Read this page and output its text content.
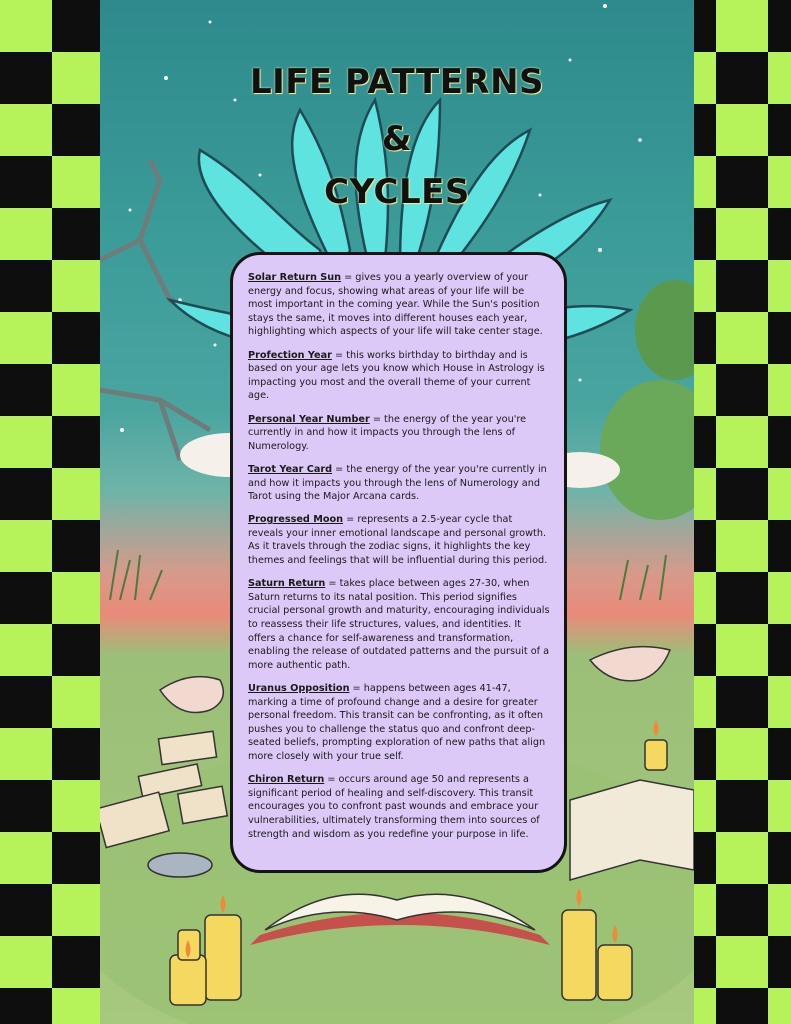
LIFE PATTERNS
&
CYCLES

Solar Return Sun = gives you a yearly overview of your energy and focus, showing what areas of your life will be most important in the coming year. While the Sun's position stays the same, it moves into different houses each year, highlighting which aspects of your life will take center stage.

Profection Year = this works birthday to birthday and is based on your age lets you know which House in Astrology is impacting you most and the overall theme of your current age.

Personal Year Number = the energy of the year you're currently in and how it impacts you through the lens of Numerology.

Tarot Year Card = the energy of the year you're currently in and how it impacts you through the lens of Numerology and Tarot using the Major Arcana cards.

Progressed Moon = represents a 2.5-year cycle that reveals your inner emotional landscape and personal growth. As it travels through the zodiac signs, it highlights the key themes and feelings that will be influential during this period.

Saturn Return = takes place between ages 27-30, when Saturn returns to its natal position. This period signifies crucial personal growth and maturity, encouraging individuals to reassess their life structures, values, and identities. It offers a chance for self-awareness and transformation, enabling the release of outdated patterns and the pursuit of a more authentic path.

Uranus Opposition = happens between ages 41-47, marking a time of profound change and a desire for greater personal freedom. This transit can be confronting, as it often pushes you to challenge the status quo and confront deep-seated beliefs, prompting exploration of new paths that align more closely with your true self.

Chiron Return = occurs around age 50 and represents a significant period of healing and self-discovery. This transit encourages you to confront past wounds and embrace your vulnerabilities, ultimately transforming them into sources of strength and wisdom as you redefine your purpose in life.
